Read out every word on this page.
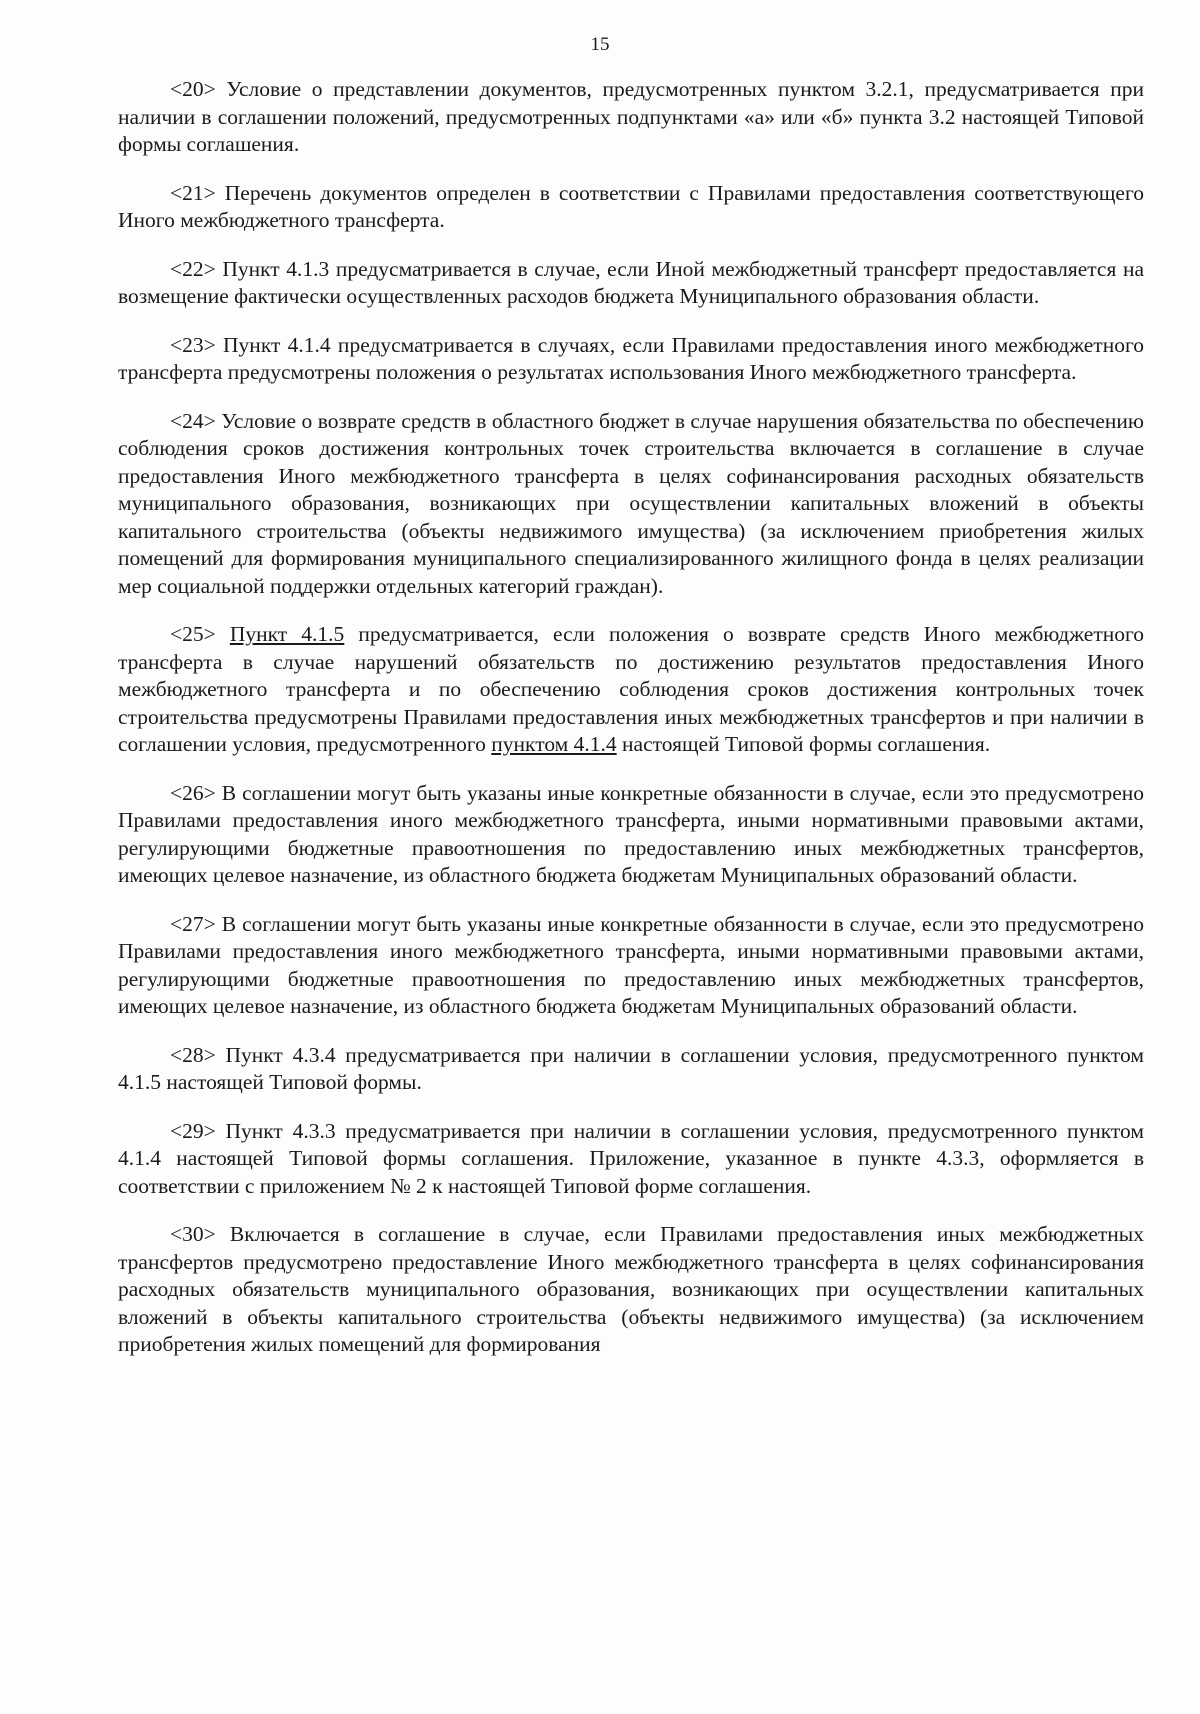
15

<20> Условие о представлении документов, предусмотренных пунктом 3.2.1, предусматривается при наличии в соглашении положений, предусмотренных подпунктами «а» или «б» пункта 3.2 настоящей Типовой формы соглашения.

<21> Перечень документов определен в соответствии с Правилами предоставления соответствующего Иного межбюджетного трансферта.

<22> Пункт 4.1.3 предусматривается в случае, если Иной межбюджетный трансферт предоставляется на возмещение фактически осуществленных расходов бюджета Муниципального образования области.

<23> Пункт 4.1.4 предусматривается в случаях, если Правилами предоставления иного межбюджетного трансферта предусмотрены положения о результатах использования Иного межбюджетного трансферта.

<24> Условие о возврате средств в областного бюджет в случае нарушения обязательства по обеспечению соблюдения сроков достижения контрольных точек строительства включается в соглашение в случае предоставления Иного межбюджетного трансферта в целях софинансирования расходных обязательств муниципального образования, возникающих при осуществлении капитальных вложений в объекты капитального строительства (объекты недвижимого имущества) (за исключением приобретения жилых помещений для формирования муниципального специализированного жилищного фонда в целях реализации мер социальной поддержки отдельных категорий граждан).

<25> Пункт 4.1.5 предусматривается, если положения о возврате средств Иного межбюджетного трансферта в случае нарушений обязательств по достижению результатов предоставления Иного межбюджетного трансферта и по обеспечению соблюдения сроков достижения контрольных точек строительства предусмотрены Правилами предоставления иных межбюджетных трансфертов и при наличии в соглашении условия, предусмотренного пунктом 4.1.4 настоящей Типовой формы соглашения.

<26> В соглашении могут быть указаны иные конкретные обязанности в случае, если это предусмотрено Правилами предоставления иного межбюджетного трансферта, иными нормативными правовыми актами, регулирующими бюджетные правоотношения по предоставлению иных межбюджетных трансфертов, имеющих целевое назначение, из областного бюджета бюджетам Муниципальных образований области.

<27> В соглашении могут быть указаны иные конкретные обязанности в случае, если это предусмотрено Правилами предоставления иного межбюджетного трансферта, иными нормативными правовыми актами, регулирующими бюджетные правоотношения по предоставлению иных межбюджетных трансфертов, имеющих целевое назначение, из областного бюджета бюджетам Муниципальных образований области.

<28> Пункт 4.3.4 предусматривается при наличии в соглашении условия, предусмотренного пунктом 4.1.5 настоящей Типовой формы.

<29> Пункт 4.3.3 предусматривается при наличии в соглашении условия, предусмотренного пунктом 4.1.4 настоящей Типовой формы соглашения. Приложение, указанное в пункте 4.3.3, оформляется в соответствии с приложением № 2 к настоящей Типовой форме соглашения.

<30> Включается в соглашение в случае, если Правилами предоставления иных межбюджетных трансфертов предусмотрено предоставление Иного межбюджетного трансферта в целях софинансирования расходных обязательств муниципального образования, возникающих при осуществлении капитальных вложений в объекты капитального строительства (объекты недвижимого имущества) (за исключением приобретения жилых помещений для формирования
